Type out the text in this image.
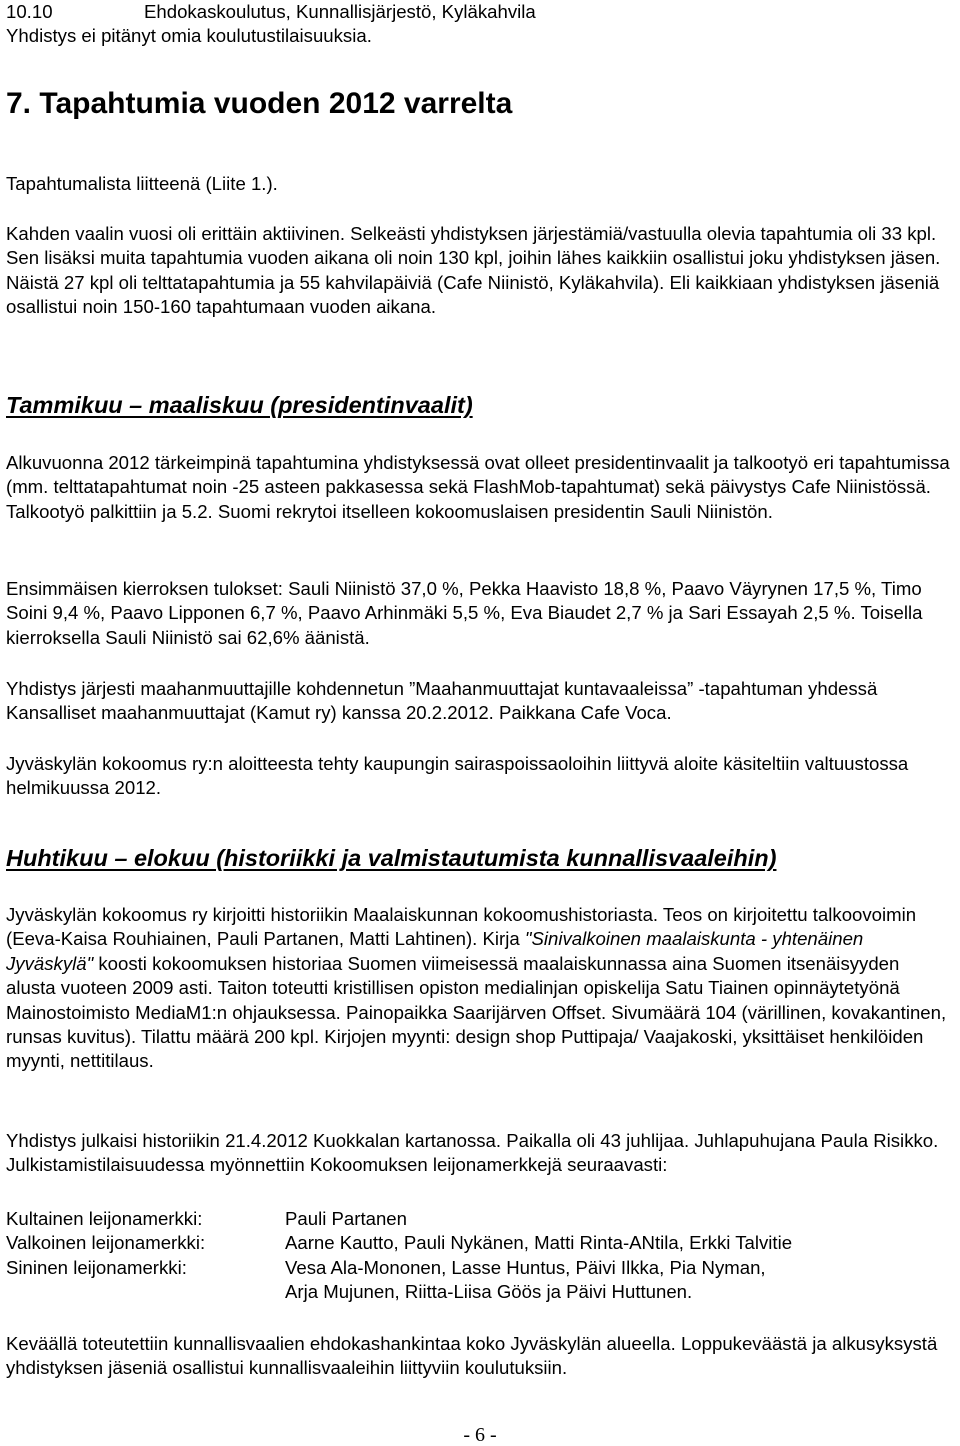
10.10	Ehdokaskoulutus, Kunnallisjärjestö, Kyläkahvila

Yhdistys ei pitänyt omia koulutustilaisuuksia.

7. Tapahtumia vuoden 2012 varrelta

Tapahtumalista liitteenä (Liite 1.).

Kahden vaalin vuosi oli erittäin aktiivinen. Selkeästi yhdistyksen järjestämiä/vastuulla olevia tapahtumia oli 33 kpl. Sen lisäksi muita tapahtumia vuoden aikana oli noin 130 kpl, joihin lähes kaikkiin osallistui joku yhdistyksen jäsen. Näistä 27 kpl oli telttatapahtumia ja 55 kahvilapäiviä (Cafe Niinistö, Kyläkahvila). Eli kaikkiaan yhdistyksen jäseniä osallistui noin 150-160 tapahtumaan vuoden aikana.

Tammikuu – maaliskuu (presidentinvaalit)

Alkuvuonna 2012 tärkeimpinä tapahtumina yhdistyksessä ovat olleet presidentinvaalit ja talkootyö eri tapahtumissa (mm. telttatapahtumat noin -25 asteen pakkasessa sekä FlashMob-tapahtumat) sekä päivystys Cafe Niinistössä. Talkootyö palkittiin ja 5.2. Suomi rekrytoi itselleen kokoomuslaisen presidentin Sauli Niinistön.

Ensimmäisen kierroksen tulokset: Sauli Niinistö 37,0 %, Pekka Haavisto 18,8 %, Paavo Väyrynen 17,5 %, Timo Soini 9,4 %, Paavo Lipponen 6,7 %, Paavo Arhinmäki 5,5 %, Eva Biaudet 2,7 % ja Sari Essayah 2,5 %. Toisella kierroksella Sauli Niinistö sai 62,6% äänistä.

Yhdistys järjesti maahanmuuttajille kohdennetun ”Maahanmuuttajat kuntavaaleissa” -tapahtuman yhdessä Kansalliset maahanmuuttajat (Kamut ry) kanssa 20.2.2012. Paikkana Cafe Voca.

Jyväskylän kokoomus ry:n aloitteesta tehty kaupungin sairaspoissaoloihin liittyvä aloite käsiteltiin valtuustossa helmikuussa 2012.

Huhtikuu – elokuu (historiikki ja valmistautumista kunnallisvaaleihin)

Jyväskylän kokoomus ry kirjoitti historiikin Maalaiskunnan kokoomushistoriasta. Teos on kirjoitettu talkoovoimin (Eeva-Kaisa Rouhiainen, Pauli Partanen, Matti Lahtinen). Kirja "Sinivalkoinen maalaiskunta - yhtenäinen Jyväskylä" koosti kokoomuksen historiaa Suomen viimeisessä maalaiskunnassa aina Suomen itsenäisyyden alusta vuoteen 2009 asti. Taiton toteutti kristillisen opiston medialinjan opiskelija Satu Tiainen opinnäytetyönä Mainostoimisto MediaM1:n ohjauksessa. Painopaikka Saarijärven Offset. Sivumäärä 104 (värillinen, kovakantinen, runsas kuvitus). Tilattu määrä 200 kpl. Kirjojen myynti: design shop Puttipaja/ Vaajakoski, yksittäiset henkilöiden myynti, nettitilaus.

Yhdistys julkaisi historiikin 21.4.2012 Kuokkalan kartanossa. Paikalla oli 43 juhlijaa. Juhlapuhujana Paula Risikko. Julkistamistilaisuudessa myönnettiin Kokoomuksen leijonamerkkejä seuraavasti:

Kultainen leijonamerkki:	Pauli Partanen
Valkoinen leijonamerkki:	Aarne Kautto, Pauli Nykänen, Matti Rinta-ANtila, Erkki Talvitie
Sininen leijonamerkki:	Vesa Ala-Mononen, Lasse Huntus, Päivi Ilkka, Pia Nyman,
	Arja Mujunen, Riitta-Liisa Göös ja Päivi Huttunen.

Keväällä toteutettiin kunnallisvaalien ehdokashankintaa koko Jyväskylän alueella. Loppukeväästä ja alkusyksystä yhdistyksen jäseniä osallistui kunnallisvaaleihin liittyviin koulutuksiin.

- 6 -
